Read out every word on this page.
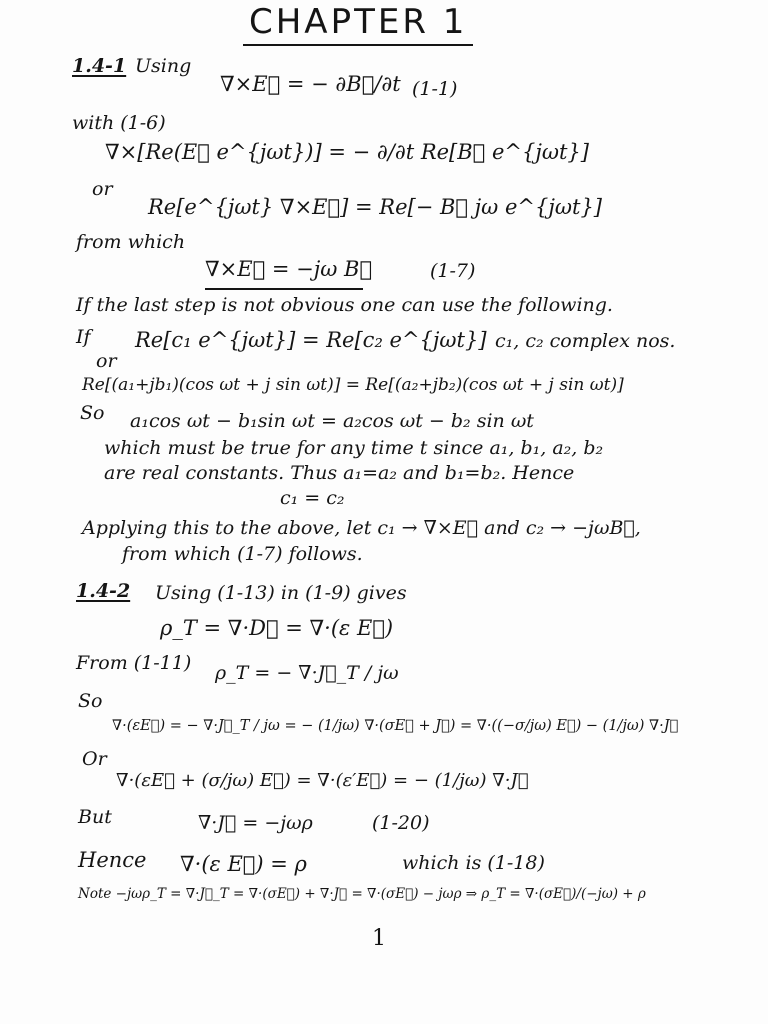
CHAPTER 1
1.4-1 Using
∇×E⃗ = − ∂B⃗/∂t (1-1)
with (1-6)
∇×[Re(E⃗ e^{jωt})] = − ∂/∂t Re[B⃗ e^{jωt}]
or
Re[e^{jωt} ∇×E⃗] = Re[− B⃗ jω e^{jωt}]
from which
∇×E⃗ = −jω B⃗	(1-7)
If the last step is not obvious one can use the following.
If Re[c₁ e^{jωt}] = Re[c₂ e^{jωt}] c₁, c₂ complex nos.
or
Re[(a₁+jb₁)(cos ωt + j sin ωt)] = Re[(a₂+jb₂)(cos ωt + j sin ωt)]
So a₁cos ωt − b₁sin ωt = a₂cos ωt − b₂ sin ωt
which must be true for any time t since a₁, b₁, a₂, b₂
are real constants. Thus a₁=a₂ and b₁=b₂. Hence
c₁ = c₂
Applying this to the above, let c₁ → ∇×E⃗ and c₂ → −jωB⃗,
from which (1-7) follows.
1.4-2 Using (1-13) in (1-9) gives
ρ_T = ∇·D⃗ = ∇·(ε E⃗)
From (1-11) ρ_T = − ∇·J⃗_T / jω
So
∇·(εE⃗) = − ∇·J⃗_T / jω = − (1/jω) ∇·(σE⃗ + J⃗) = ∇·((−σ/jω) E⃗) − (1/jω) ∇·J⃗
Or
∇·(εE⃗ + (σ/jω) E⃗) = ∇·(ε′E⃗) = − (1/jω) ∇·J⃗
But	∇·J⃗ = −jωρ	(1-20)
Hence ∇·(ε E⃗) = ρ	which is (1-18)
Note −jωρ_T = ∇·J⃗_T = ∇·(σE⃗) + ∇·J⃗ = ∇·(σE⃗) − jωρ ⇒ ρ_T = ∇·(σE⃗)/(−jω) + ρ
1
